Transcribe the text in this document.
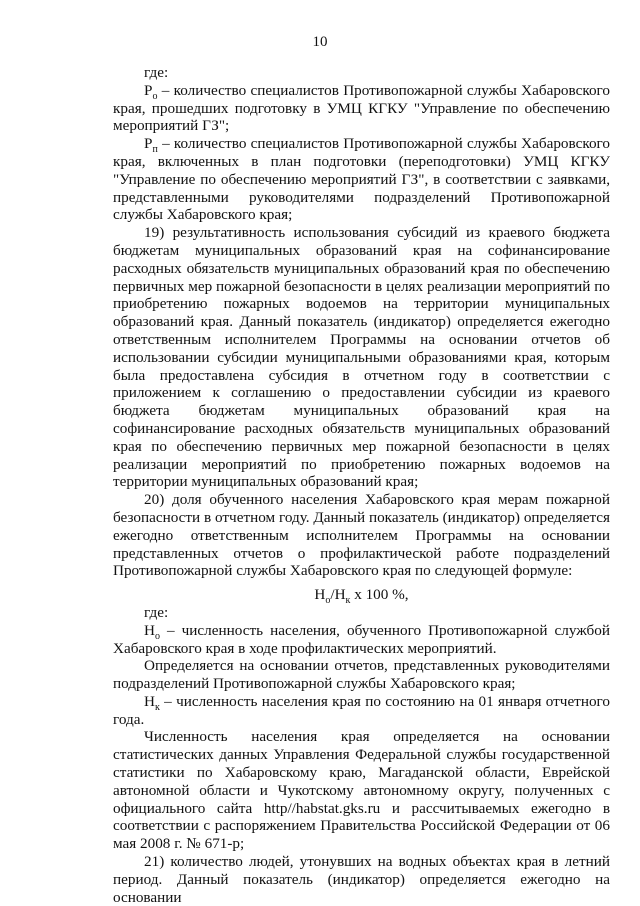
10

где:

$Р_о$ – количество специалистов Противопожарной службы Хабаровского края, прошедших подготовку в УМЦ КГКУ "Управление по обеспечению мероприятий ГЗ";

$Р_п$ – количество специалистов Противопожарной службы Хабаровского края, включенных в план подготовки (переподготовки) УМЦ КГКУ "Управление по обеспечению мероприятий ГЗ", в соответствии с заявками, представленными руководителями подразделений Противопожарной службы Хабаровского края;

19) результативность использования субсидий из краевого бюджета бюджетам муниципальных образований края на софинансирование расходных обязательств муниципальных образований края по обеспечению первичных мер пожарной безопасности в целях реализации мероприятий по приобретению пожарных водоемов на территории муниципальных образований края. Данный показатель (индикатор) определяется ежегодно ответственным исполнителем Программы на основании отчетов об использовании субсидии муниципальными образованиями края, которым была предоставлена субсидия в отчетном году в соответствии с приложением к соглашению о предоставлении субсидии из краевого бюджета бюджетам муниципальных образований края на софинансирование расходных обязательств муниципальных образований края по обеспечению первичных мер пожарной безопасности в целях реализации мероприятий по приобретению пожарных водоемов на территории муниципальных образований края;

20) доля обученного населения Хабаровского края мерам пожарной безопасности в отчетном году. Данный показатель (индикатор) определяется ежегодно ответственным исполнителем Программы на основании представленных отчетов о профилактической работе подразделений Противопожарной службы Хабаровского края по следующей формуле:

$Н_о/Н_к$ х 100 %,

где:

$Н_о$ – численность населения, обученного Противопожарной службой Хабаровского края в ходе профилактических мероприятий.

Определяется на основании отчетов, представленных руководителями подразделений Противопожарной службы Хабаровского края;

$Н_к$ – численность населения края по состоянию на 01 января отчетного года.

Численность населения края определяется на основании статистических данных Управления Федеральной службы государственной статистики по Хабаровскому краю, Магаданской области, Еврейской автономной области и Чукотскому автономному округу, полученных с официального сайта http//habstat.gks.ru и рассчитываемых ежегодно в соответствии с распоряжением Правительства Российской Федерации от 06 мая 2008 г. № 671-р;

21) количество людей, утонувших на водных объектах края в летний период. Данный показатель (индикатор) определяется ежегодно на основании
